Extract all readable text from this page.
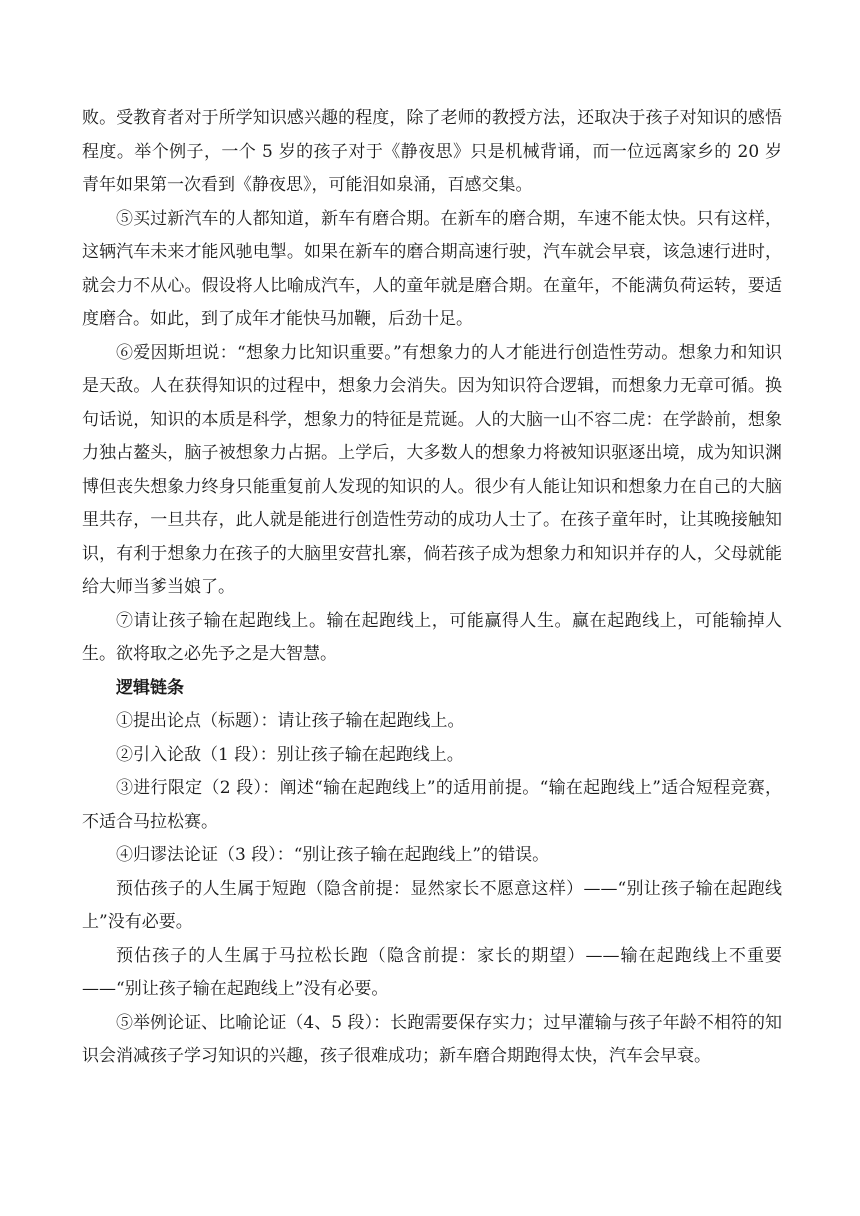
败。受教育者对于所学知识感兴趣的程度，除了老师的教授方法，还取决于孩子对知识的感悟程度。举个例子，一个 5 岁的孩子对于《静夜思》只是机械背诵，而一位远离家乡的 20 岁青年如果第一次看到《静夜思》，可能泪如泉涌，百感交集。

⑤买过新汽车的人都知道，新车有磨合期。在新车的磨合期，车速不能太快。只有这样，这辆汽车未来才能风驰电掣。如果在新车的磨合期高速行驶，汽车就会早衰，该急速行进时，就会力不从心。假设将人比喻成汽车，人的童年就是磨合期。在童年，不能满负荷运转，要适度磨合。如此，到了成年才能快马加鞭，后劲十足。

⑥爱因斯坦说：“想象力比知识重要。”有想象力的人才能进行创造性劳动。想象力和知识是天敌。人在获得知识的过程中，想象力会消失。因为知识符合逻辑，而想象力无章可循。换句话说，知识的本质是科学，想象力的特征是荒诞。人的大脑一山不容二虎：在学龄前，想象力独占鳌头，脑子被想象力占据。上学后，大多数人的想象力将被知识驱逐出境，成为知识渊博但丧失想象力终身只能重复前人发现的知识的人。很少有人能让知识和想象力在自己的大脑里共存，一旦共存，此人就是能进行创造性劳动的成功人士了。在孩子童年时，让其晚接触知识，有利于想象力在孩子的大脑里安营扎寨，倘若孩子成为想象力和知识并存的人，父母就能给大师当爹当娘了。

⑦请让孩子输在起跑线上。输在起跑线上，可能赢得人生。赢在起跑线上，可能输掉人生。欲将取之必先予之是大智慧。

逻辑链条

①提出论点（标题）：请让孩子输在起跑线上。

②引入论敌（1 段）：别让孩子输在起跑线上。

③进行限定（2 段）：阐述“输在起跑线上”的适用前提。“输在起跑线上”适合短程竞赛，不适合马拉松赛。

④归谬法论证（3 段）：“别让孩子输在起跑线上”的错误。

预估孩子的人生属于短跑（隐含前提：显然家长不愿意这样）——“别让孩子输在起跑线上”没有必要。

预估孩子的人生属于马拉松长跑（隐含前提：家长的期望）——输在起跑线上不重要——“别让孩子输在起跑线上”没有必要。

⑤举例论证、比喻论证（4、5 段）：长跑需要保存实力；过早灌输与孩子年龄不相符的知识会消减孩子学习知识的兴趣，孩子很难成功；新车磨合期跑得太快，汽车会早衰。
